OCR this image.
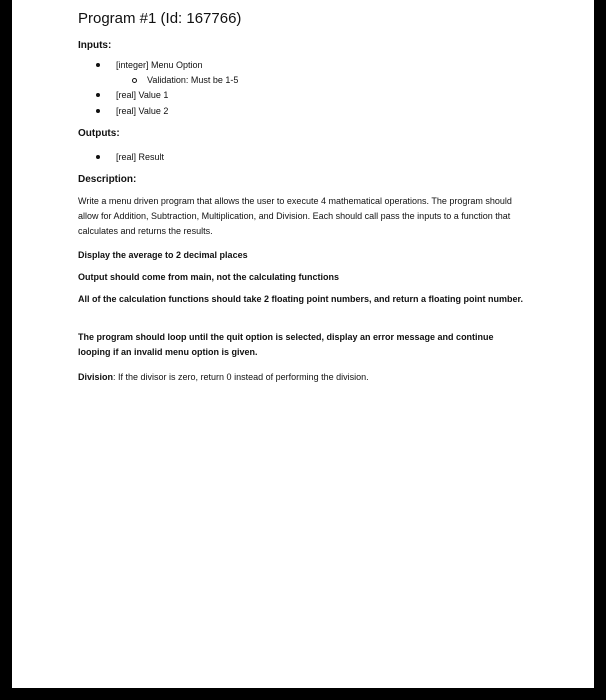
Program #1 (Id: 167766)

Inputs:

[integer] Menu Option
Validation: Must be 1-5
[real] Value 1
[real] Value 2

Outputs:

[real] Result

Description:

Write a menu driven program that allows the user to execute 4 mathematical operations. The program should allow for Addition, Subtraction, Multiplication, and Division. Each should call pass the inputs to a function that calculates and returns the results.

Display the average to 2 decimal places

Output should come from main, not the calculating functions

All of the calculation functions should take 2 floating point numbers, and return a floating point number.

The program should loop until the quit option is selected, display an error message and continue looping if an invalid menu option is given.

Division: If the divisor is zero, return 0 instead of performing the division.
